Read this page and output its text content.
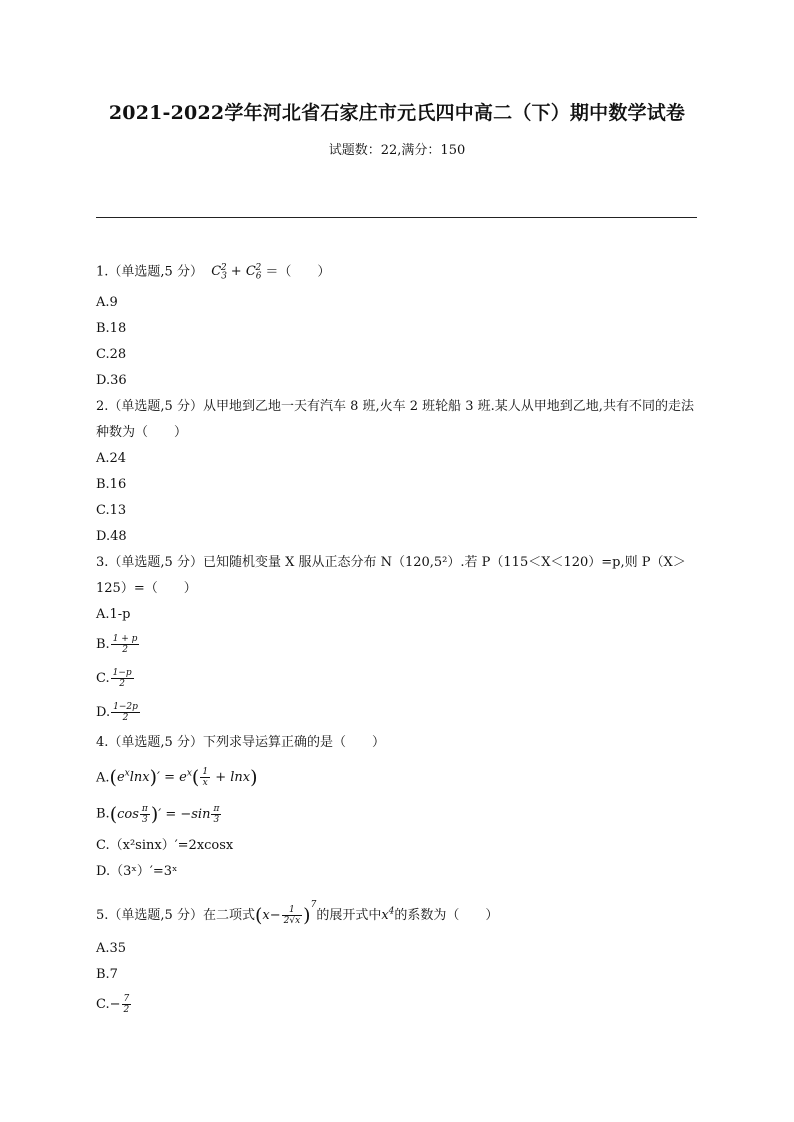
2021-2022学年河北省石家庄市元氏四中高二（下）期中数学试卷
试题数：22,满分：150
1.（单选题,5 分）  $C_3^2 + C_6^2$ ＝（　　）
A.9
B.18
C.28
D.36
2.（单选题,5 分）从甲地到乙地一天有汽车 8 班,火车 2 班轮船 3 班.某人从甲地到乙地,共有不同的走法种数为（　　）
A.24
B.16
C.13
D.48
3.（单选题,5 分）已知随机变量 X 服从正态分布 N（120,5²）.若 P（115＜X＜120）=p,则 P（X＞125）=（　　）
A.1-p
B. $\frac{1 + p}{2}$
C. $\frac{1-p}{2}$
D. $\frac{1-2p}{2}$
4.（单选题,5 分）下列求导运算正确的是（　　）
$A.(e^x\ln x)' = e^x( \frac{1}{x} + \ln x)$
$B.(\cos \frac{\pi}{3}$ )′ = $-\sin \frac{\pi}{3}$
C.（x²sinx）′=2xcosx
D.（3ˣ）′=3ˣ
5.（单选题,5 分）在二项式$(x- \frac{1}{2√x} )^7$的展开式中$x^4$的系数为（　　）
A.35
B.7
$C.- \frac{7}{2}$
